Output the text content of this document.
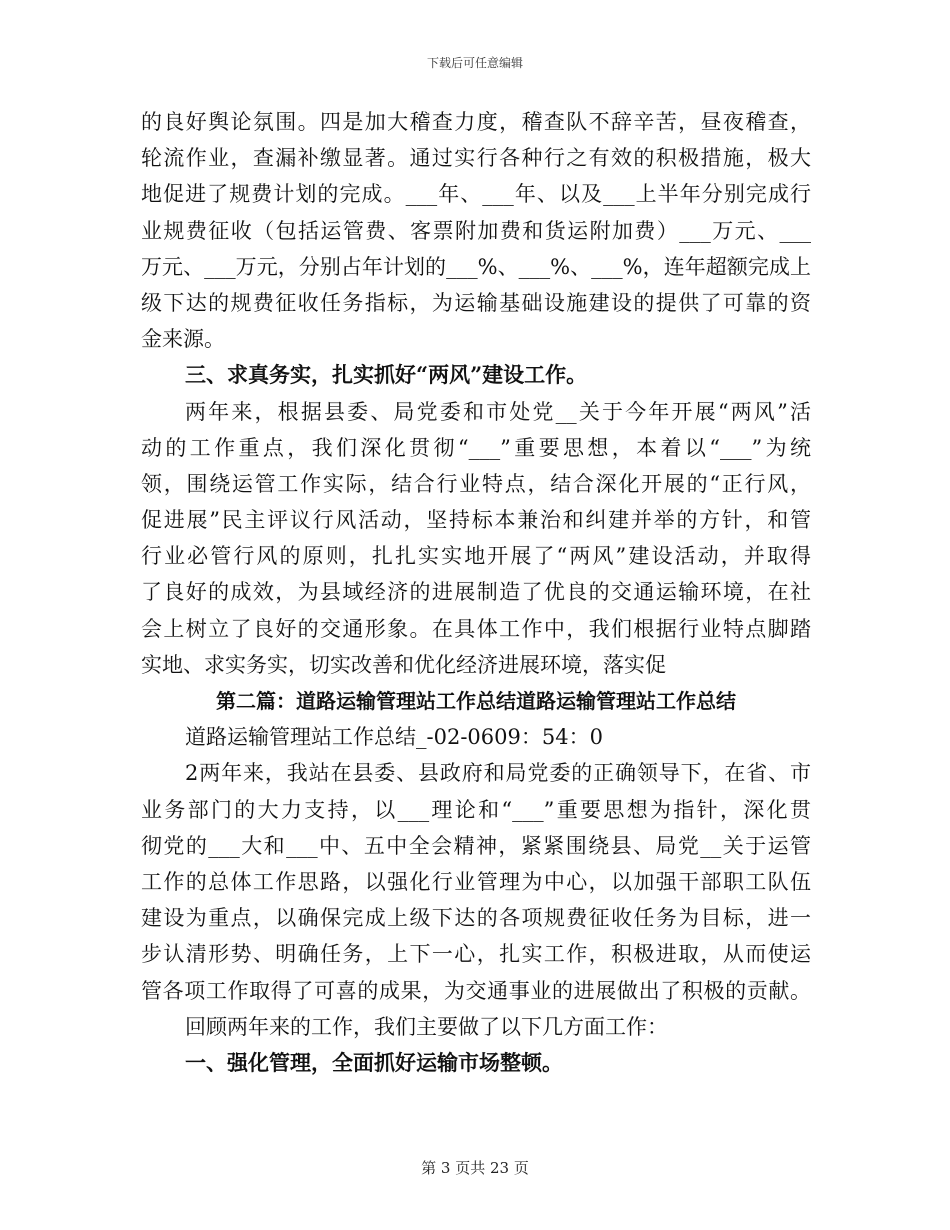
下载后可任意编辑
的良好舆论氛围。四是加大稽查力度，稽查队不辞辛苦，昼夜稽查，
轮流作业，查漏补缴显著。通过实行各种行之有效的积极措施，极大
地促进了规费计划的完成。___年、___年、以及___上半年分别完成行
业规费征收（包括运管费、客票附加费和货运附加费）___万元、___
万元、___万元，分别占年计划的___%、___%、___%，连年超额完成上
级下达的规费征收任务指标，为运输基础设施建设的提供了可靠的资
金来源。
三、求真务实，扎实抓好“两风”建设工作。
两年来，根据县委、局党委和市处党__关于今年开展“两风”活
动的工作重点，我们深化贯彻“___”重要思想，本着以“___”为统
领，围绕运管工作实际，结合行业特点，结合深化开展的“正行风，
促进展”民主评议行风活动，坚持标本兼治和纠建并举的方针，和管
行业必管行风的原则，扎扎实实地开展了“两风”建设活动，并取得
了良好的成效，为县域经济的进展制造了优良的交通运输环境，在社
会上树立了良好的交通形象。在具体工作中，我们根据行业特点脚踏
实地、求实务实，切实改善和优化经济进展环境，落实促
第二篇：道路运输管理站工作总结道路运输管理站工作总结
道路运输管理站工作总结_-02-0609：54：0
2两年来，我站在县委、县政府和局党委的正确领导下，在省、市
业务部门的大力支持，以___理论和“___”重要思想为指针，深化贯
彻党的___大和___中、五中全会精神，紧紧围绕县、局党__关于运管
工作的总体工作思路，以强化行业管理为中心，以加强干部职工队伍
建设为重点，以确保完成上级下达的各项规费征收任务为目标，进一
步认清形势、明确任务，上下一心，扎实工作，积极进取，从而使运
管各项工作取得了可喜的成果，为交通事业的进展做出了积极的贡献。
回顾两年来的工作，我们主要做了以下几方面工作：
一、强化管理，全面抓好运输市场整顿。
第 3 页共 23 页
